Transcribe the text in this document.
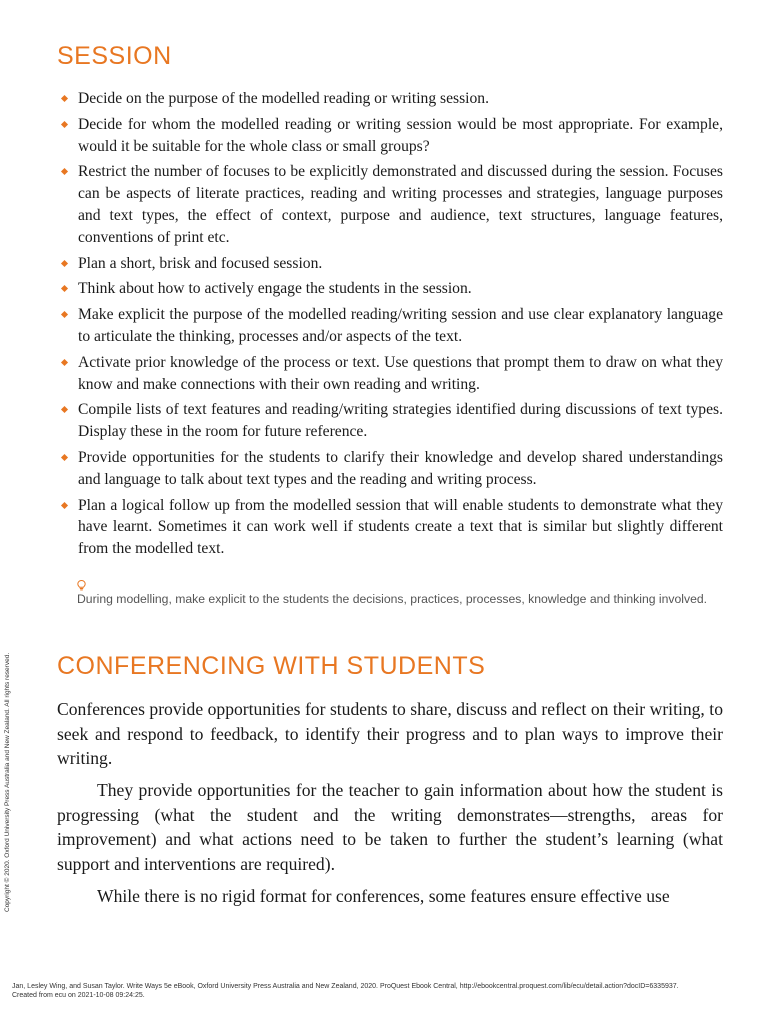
SESSION
Decide on the purpose of the modelled reading or writing session.
Decide for whom the modelled reading or writing session would be most appropriate. For example, would it be suitable for the whole class or small groups?
Restrict the number of focuses to be explicitly demonstrated and discussed during the session. Focuses can be aspects of literate practices, reading and writing processes and strategies, language purposes and text types, the effect of context, purpose and audience, text structures, language features, conventions of print etc.
Plan a short, brisk and focused session.
Think about how to actively engage the students in the session.
Make explicit the purpose of the modelled reading/writing session and use clear explanatory language to articulate the thinking, processes and/or aspects of the text.
Activate prior knowledge of the process or text. Use questions that prompt them to draw on what they know and make connections with their own reading and writing.
Compile lists of text features and reading/writing strategies identified during discussions of text types. Display these in the room for future reference.
Provide opportunities for the students to clarify their knowledge and develop shared understandings and language to talk about text types and the reading and writing process.
Plan a logical follow up from the modelled session that will enable students to demonstrate what they have learnt. Sometimes it can work well if students create a text that is similar but slightly different from the modelled text.
During modelling, make explicit to the students the decisions, practices, processes, knowledge and thinking involved.
CONFERENCING WITH STUDENTS

Conferences provide opportunities for students to share, discuss and reflect on their writing, to seek and respond to feedback, to identify their progress and to plan ways to improve their writing.

They provide opportunities for the teacher to gain information about how the student is progressing (what the student and the writing demonstrates—strengths, areas for improvement) and what actions need to be taken to further the student’s learning (what support and interventions are required).

While there is no rigid format for conferences, some features ensure effective use

Copyright © 2020. Oxford University Press Australia and New Zealand. All rights reserved.
Jan, Lesley Wing, and Susan Taylor. Write Ways 5e eBook, Oxford University Press Australia and New Zealand, 2020. ProQuest Ebook Central, http://ebookcentral.proquest.com/lib/ecu/detail.action?docID=6335937.
Created from ecu on 2021-10-08 09:24:25.
